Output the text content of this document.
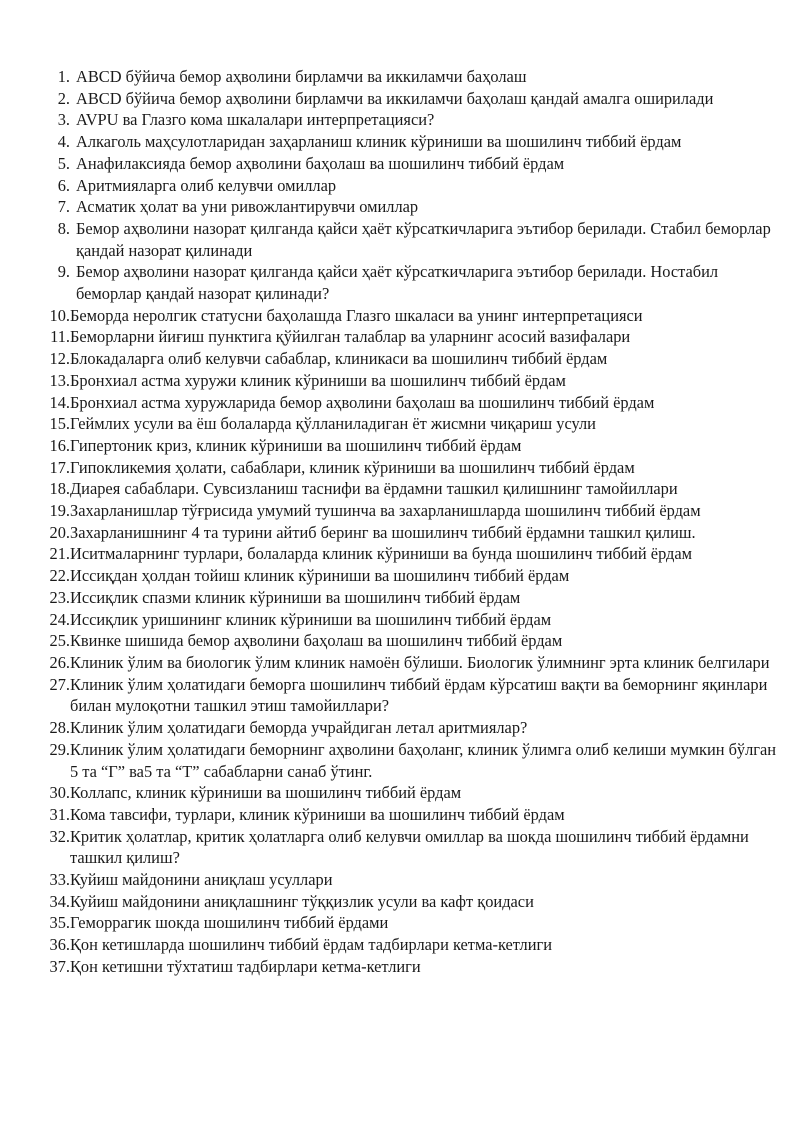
1. ABCD бўйича бемор аҳволини бирламчи ва иккиламчи баҳолаш
2. ABCD бўйича бемор аҳволини бирламчи ва иккиламчи баҳолаш қандай амалга оширилади
3. AVPU ва Глазго кома шкалалари интерпретацияси?
4. Алкаголь маҳсулотларидан заҳарланиш клиник кўриниши ва шошилинч тиббий ёрдам
5. Анафилаксияда бемор аҳволини баҳолаш ва шошилинч тиббий ёрдам
6. Аритмияларга олиб келувчи омиллар
7. Асматик ҳолат ва уни ривожлантирувчи омиллар
8. Бемор аҳволини назорат қилганда қайси ҳаёт кўрсаткичларига эътибор берилади. Стабил беморлар қандай назорат қилинади
9. Бемор аҳволини назорат қилганда қайси ҳаёт кўрсаткичларига эътибор берилади. Ностабил беморлар қандай назорат қилинади?
10. Беморда неролгик статусни баҳолашда Глазго шкаласи ва унинг интерпретацияси
11. Беморларни йиғиш пунктига қўйилган талаблар ва уларнинг асосий вазифалари
12. Блокадаларга олиб келувчи сабаблар, клиникаси ва шошилинч тиббий ёрдам
13. Бронхиал астма хуружи клиник кўриниши ва шошилинч тиббий ёрдам
14. Бронхиал астма хуружларида бемор аҳволини баҳолаш ва шошилинч тиббий ёрдам
15. Геймлих усули ва ёш болаларда қўлланиладиган ёт жисмни чиқариш усули
16. Гипертоник криз, клиник кўриниши ва шошилинч тиббий ёрдам
17. Гипокликемия ҳолати, сабаблари, клиник кўриниши ва шошилинч тиббий ёрдам
18. Диарея сабаблари. Сувсизланиш таснифи ва ёрдамни ташкил қилишнинг тамойиллари
19. Захарланишлар тўғрисида умумий тушинча ва захарланишларда шошилинч тиббий ёрдам
20. Захарланишнинг 4 та турини айтиб беринг ва шошилинч тиббий ёрдамни ташкил қилиш.
21. Иситмаларнинг турлари, болаларда клиник кўриниши ва бунда шошилинч тиббий ёрдам
22. Иссиқдан ҳолдан тойиш клиник кўриниши ва шошилинч тиббий ёрдам
23. Иссиқлик спазми клиник кўриниши ва шошилинч тиббий ёрдам
24. Иссиқлик уришининг клиник кўриниши ва шошилинч тиббий ёрдам
25. Квинке шишида бемор аҳволини баҳолаш ва шошилинч тиббий ёрдам
26. Клиник ўлим ва биологик ўлим клиник намоён бўлиши. Биологик ўлимнинг эрта клиник белгилари
27. Клиник ўлим ҳолатидаги беморга шошилинч тиббий ёрдам кўрсатиш вақти ва беморнинг яқинлари билан мулоқотни ташкил этиш тамойиллари?
28. Клиник ўлим ҳолатидаги беморда учрайдиган летал аритмиялар?
29. Клиник ўлим ҳолатидаги беморнинг аҳволини баҳоланг, клиник ўлимга олиб келиши мумкин бўлган 5 та “Г” ва5 та “Т” сабабларни санаб ўтинг.
30. Коллапс, клиник кўриниши ва шошилинч тиббий ёрдам
31. Кома тавсифи, турлари, клиник кўриниши ва шошилинч тиббий ёрдам
32. Критик ҳолатлар, критик ҳолатларга олиб келувчи омиллар ва шокда шошилинч тиббий ёрдамни ташкил қилиш?
33. Куйиш майдонини аниқлаш усуллари
34. Куйиш майдонини аниқлашнинг тўққизлик усули ва кафт қоидаси
35. Геморрагик шокда шошилинч тиббий ёрдами
36. Қон кетишларда шошилинч тиббий ёрдам тадбирлари кетма-кетлиги
37. Қон кетишни тўхтатиш тадбирлари кетма-кетлиги
